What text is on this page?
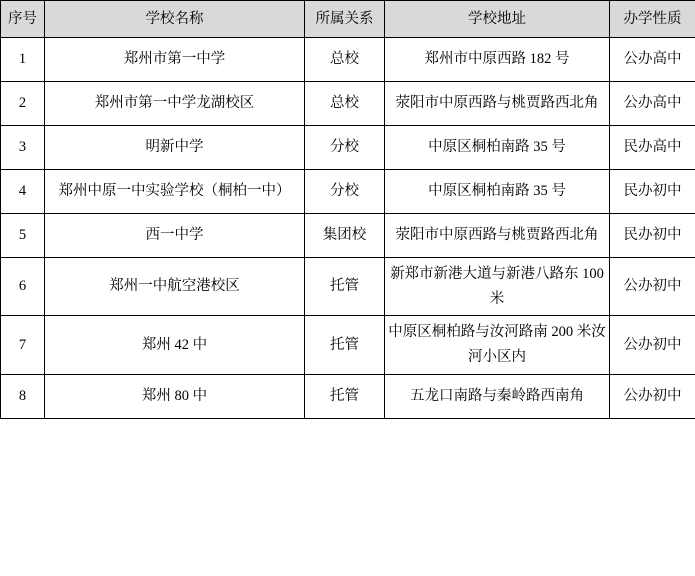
序号	学校名称	所属关系	学校地址	办学性质
1	郑州市第一中学	总校	郑州市中原西路 182 号	公办高中
2	郑州市第一中学龙湖校区	总校	荥阳市中原西路与桃贾路西北角	公办高中
3	明新中学	分校	中原区桐柏南路 35 号	民办高中
4	郑州中原一中实验学校（桐柏一中）	分校	中原区桐柏南路 35 号	民办初中
5	西一中学	集团校	荥阳市中原西路与桃贾路西北角	民办初中
6	郑州一中航空港校区	托管	新郑市新港大道与新港八路东 100 米	公办初中
7	郑州 42 中	托管	中原区桐柏路与汝河路南 200 米汝河小区内	公办初中
8	郑州 80 中	托管	五龙口南路与秦岭路西南角	公办初中
